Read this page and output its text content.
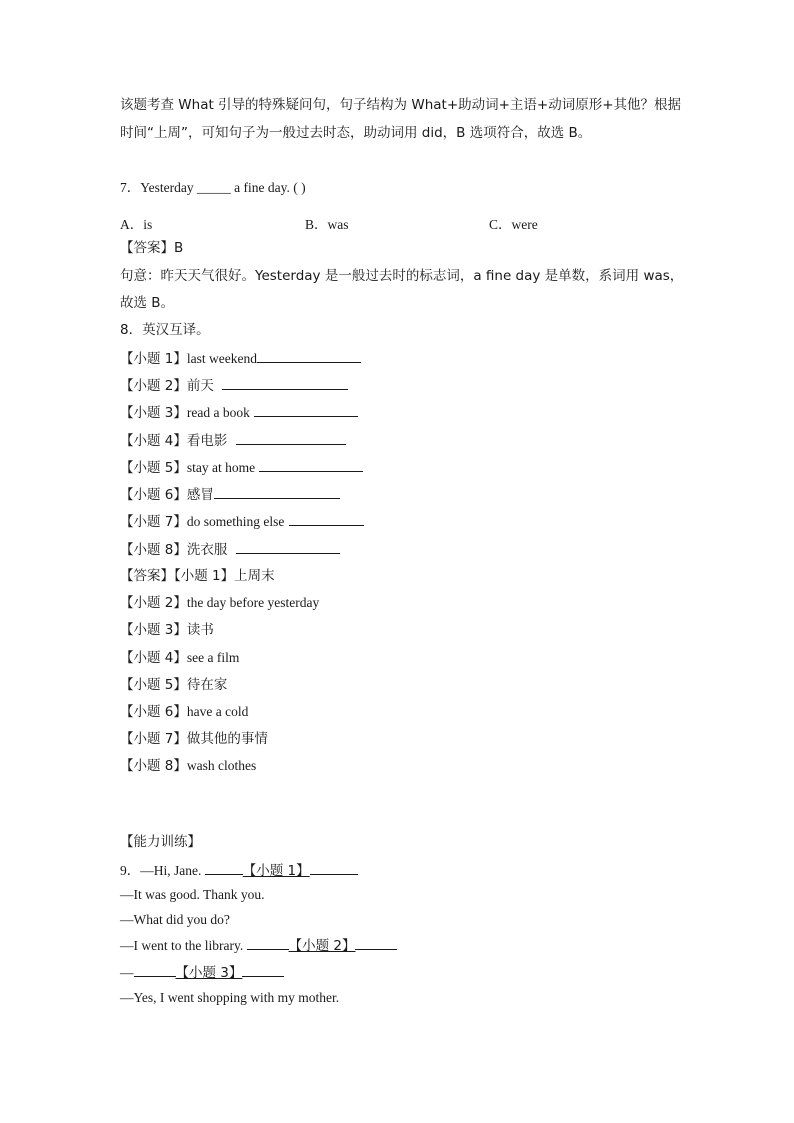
该题考查 What 引导的特殊疑问句，句子结构为 What+助动词+主语+动词原形+其他？根据
时间“上周”，可知句子为一般过去时态，助动词用 did，B 选项符合，故选 B。
7．Yesterday _____ a fine day. ( )
A．is	B．was	C．were
【答案】B
句意：昨天天气很好。Yesterday 是一般过去时的标志词，a fine day 是单数，系词用 was，
故选 B。
8．英汉互译。
【小题 1】last weekend
【小题 2】前天
【小题 3】read a book
【小题 4】看电影
【小题 5】stay at home
【小题 6】感冒
【小题 7】do something else
【小题 8】洗衣服
【答案】【小题 1】上周末
【小题 2】the day before yesterday
【小题 3】读书
【小题 4】see a film
【小题 5】待在家
【小题 6】have a cold
【小题 7】做其他的事情
【小题 8】wash clothes
【能力训练】
9．—Hi, Jane.	【小题 1】
—It was good. Thank you.
—What did you do?
—I went to the library.	【小题 2】
—	【小题 3】
—Yes, I went shopping with my mother.
